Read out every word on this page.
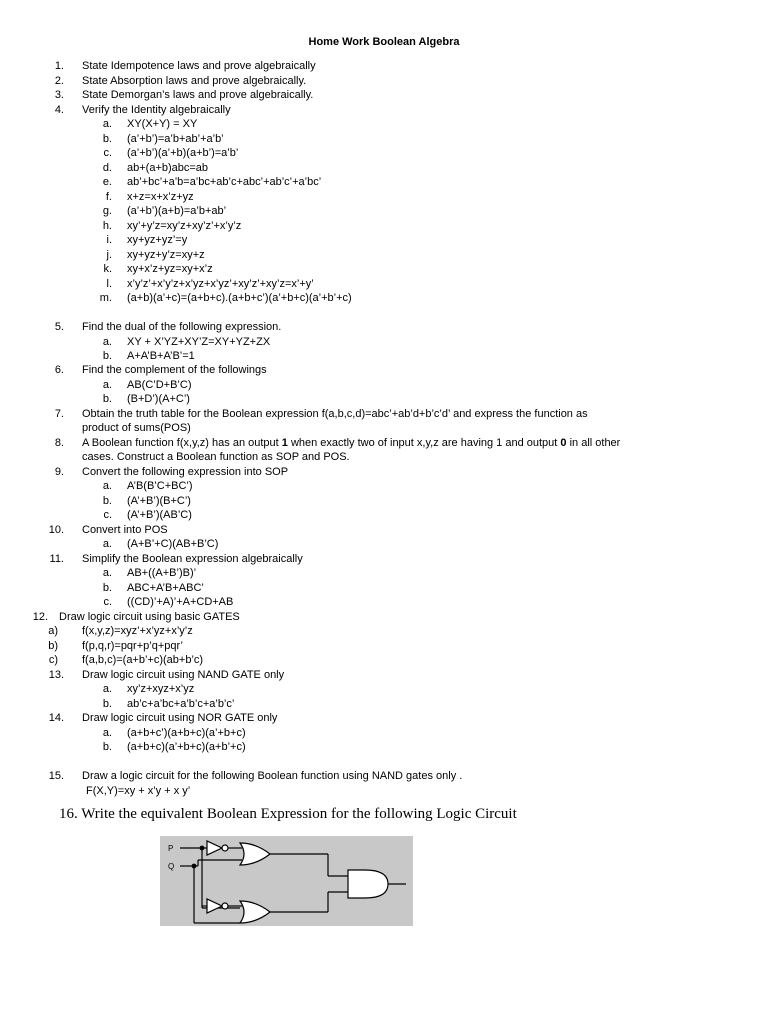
Home Work Boolean Algebra
1. State Idempotence laws and prove algebraically
2. State Absorption laws and prove algebraically.
3. State Demorgan’s laws and prove algebraically.
4. Verify the Identity algebraically
a. XY(X+Y) = XY
b. (a’+b’)=a’b+ab’+a’b’
c. (a’+b’)(a’+b)(a+b’)=a’b’
d. ab+(a+b)abc=ab
e. ab’+bc’+a’b=a’bc+ab’c+abc’+ab’c’+a’bc’
f. x+z=x+x’z+yz
g. (a’+b’)(a+b)=a’b+ab’
h. xy’+y’z=xy’z+xy’z’+x’y’z
i. xy+yz+yz’=y
j. xy+yz+y’z=xy+z
k. xy+x’z+yz=xy+x’z
l. x’y’z’+x’y’z+x’yz+x’yz’+xy’z’+xy’z=x’+y’
m. (a+b)(a’+c)=(a+b+c).(a+b+c’)(a’+b+c)(a’+b’+c)
5. Find the dual of the following expression.
a. XY + X’YZ+XY’Z=XY+YZ+ZX
b. A+A’B+A’B’=1
6. Find the complement of the followings
a. AB(C’D+B’C)
b. (B+D’)(A+C’)
7. Obtain the truth table for the Boolean expression f(a,b,c,d)=abc’+ab’d+b’c’d’ and express the function as
product of sums(POS)
8. A Boolean function f(x,y,z) has an output 1 when exactly two of input x,y,z are having 1 and output 0 in all other
cases. Construct a Boolean function as SOP and POS.
9. Convert the following expression into SOP
a. A’B(B’C+BC’)
b. (A’+B’)(B+C’)
c. (A’+B’)(AB’C)
10. Convert into POS
a. (A+B’+C)(AB+B’C)
11. Simplify the Boolean expression algebraically
a. AB+((A+B’)B)’
b. ABC+A’B+ABC’
c. ((CD)’+A)’+A+CD+AB
12. Draw logic circuit using basic GATES
a) f(x,y,z)=xyz’+x’yz+x’y’z
b) f(p,q,r)=pqr+p’q+pqr’
c) f(a,b,c)=(a+b’+c)(ab+b’c)
13. Draw logic circuit using NAND GATE only
a. xy’z+xyz+x’yz
b. ab’c+a’bc+a’b’c+a’b’c’
14. Draw logic circuit using NOR GATE only
a. (a+b+c’)(a+b+c)(a’+b+c)
b. (a+b+c)(a’+b+c)(a+b’+c)
15. Draw a logic circuit for the following Boolean function using NAND gates only .
F(X,Y)=xy + x’y + x y’
16. Write the equivalent Boolean Expression for the following Logic Circuit
P
Q
